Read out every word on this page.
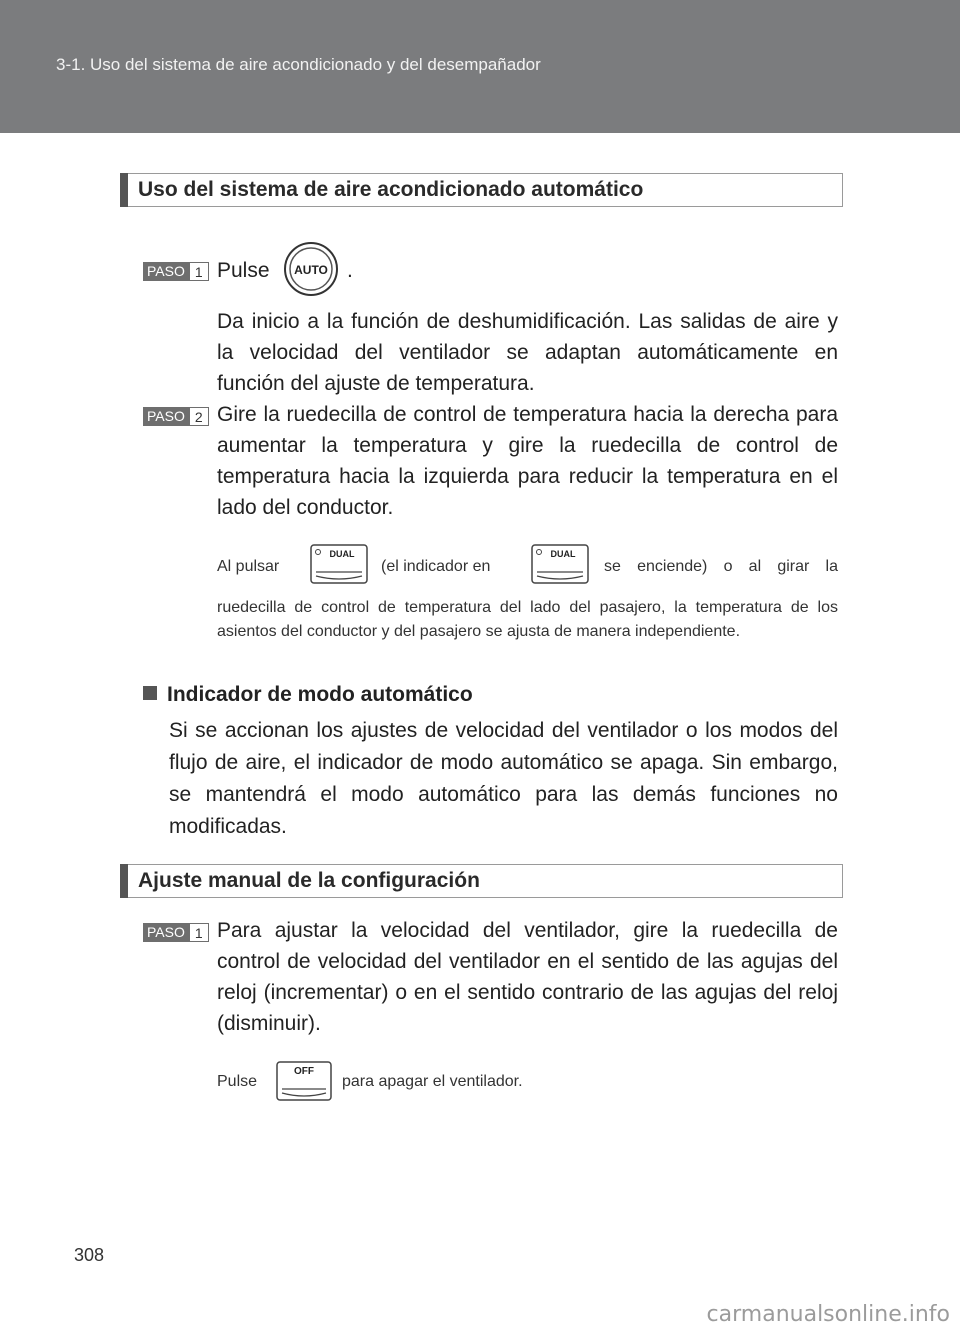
3-1. Uso del sistema de aire acondicionado y del desempañador
Uso del sistema de aire acondicionado automático
PASO 1 Pulse AUTO .
Da inicio a la función de deshumidificación. Las salidas de aire y la velocidad del ventilador se adaptan automáticamente en función del ajuste de temperatura.
PASO 2 Gire la ruedecilla de control de temperatura hacia la derecha para aumentar la temperatura y gire la ruedecilla de control de temperatura hacia la izquierda para reducir la temperatura en el lado del conductor.
Al pulsar
DUAL
(el indicador en
DUAL
se enciende) o al girar la
ruedecilla de control de temperatura del lado del pasajero, la temperatura de los asientos del conductor y del pasajero se ajusta de manera independiente.
Indicador de modo automático
Si se accionan los ajustes de velocidad del ventilador o los modos del flujo de aire, el indicador de modo automático se apaga. Sin embargo, se mantendrá el modo automático para las demás funciones no modificadas.
Ajuste manual de la configuración
PASO 1 Para ajustar la velocidad del ventilador, gire la ruedecilla de control de velocidad del ventilador en el sentido de las agujas del reloj (incrementar) o en el sentido contrario de las agujas del reloj (disminuir).
Pulse
OFF
para apagar el ventilador.
308
carmanualsonline.info
